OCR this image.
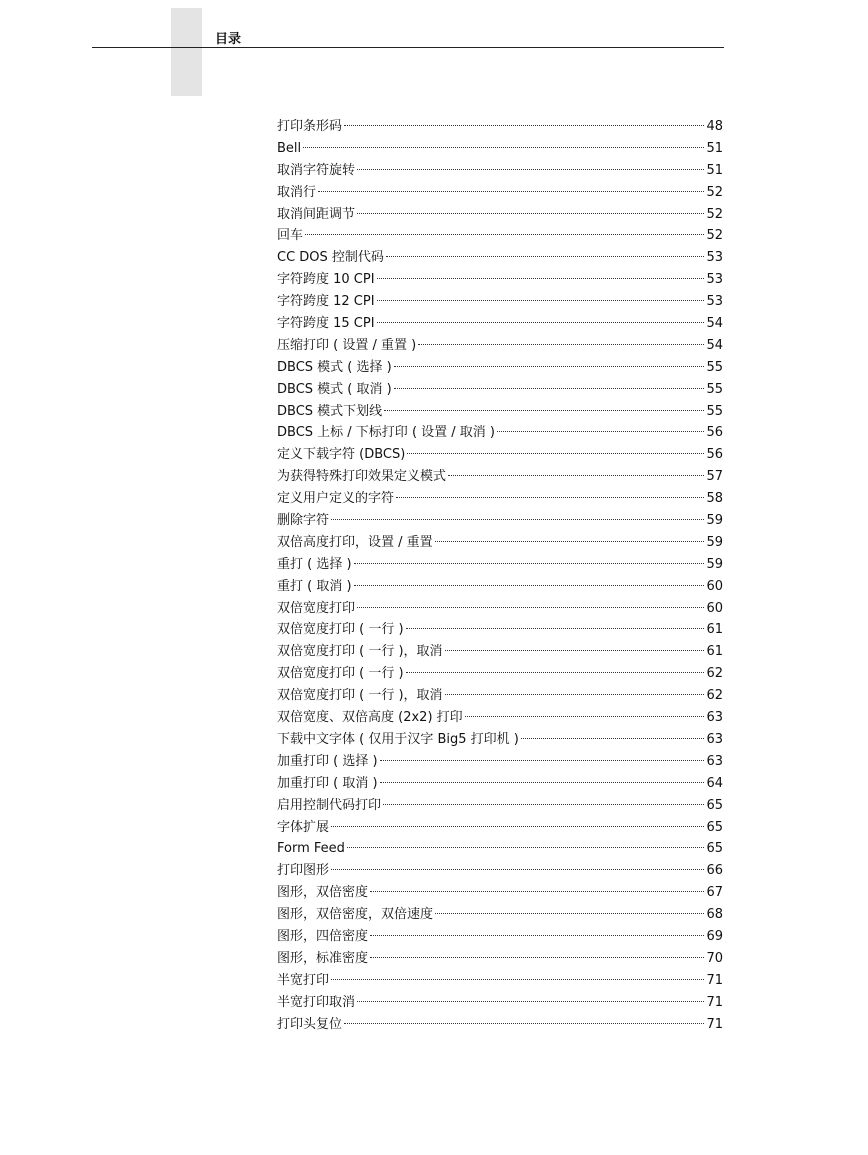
目录
打印条形码	48
Bell	51
取消字符旋转	51
取消行	52
取消间距调节	52
回车	52
CC DOS 控制代码	53
字符跨度 10 CPI	53
字符跨度 12 CPI	53
字符跨度 15 CPI	54
压缩打印 ( 设置 / 重置 )	54
DBCS 模式 ( 选择 )	55
DBCS 模式 ( 取消 )	55
DBCS 模式下划线	55
DBCS 上标 / 下标打印 ( 设置 / 取消 )	56
定义下载字符 (DBCS)	56
为获得特殊打印效果定义模式	57
定义用户定义的字符	58
删除字符	59
双倍高度打印，设置 / 重置	59
重打 ( 选择 )	59
重打 ( 取消 )	60
双倍宽度打印	60
双倍宽度打印 ( 一行 )	61
双倍宽度打印 ( 一行 )，取消	61
双倍宽度打印 ( 一行 )	62
双倍宽度打印 ( 一行 )，取消	62
双倍宽度、双倍高度 (2x2) 打印	63
下载中文字体 ( 仅用于汉字 Big5 打印机 )	63
加重打印 ( 选择 )	63
加重打印 ( 取消 )	64
启用控制代码打印	65
字体扩展	65
Form Feed	65
打印图形	66
图形，双倍密度	67
图形，双倍密度，双倍速度	68
图形，四倍密度	69
图形，标准密度	70
半宽打印	71
半宽打印取消	71
打印头复位	71
